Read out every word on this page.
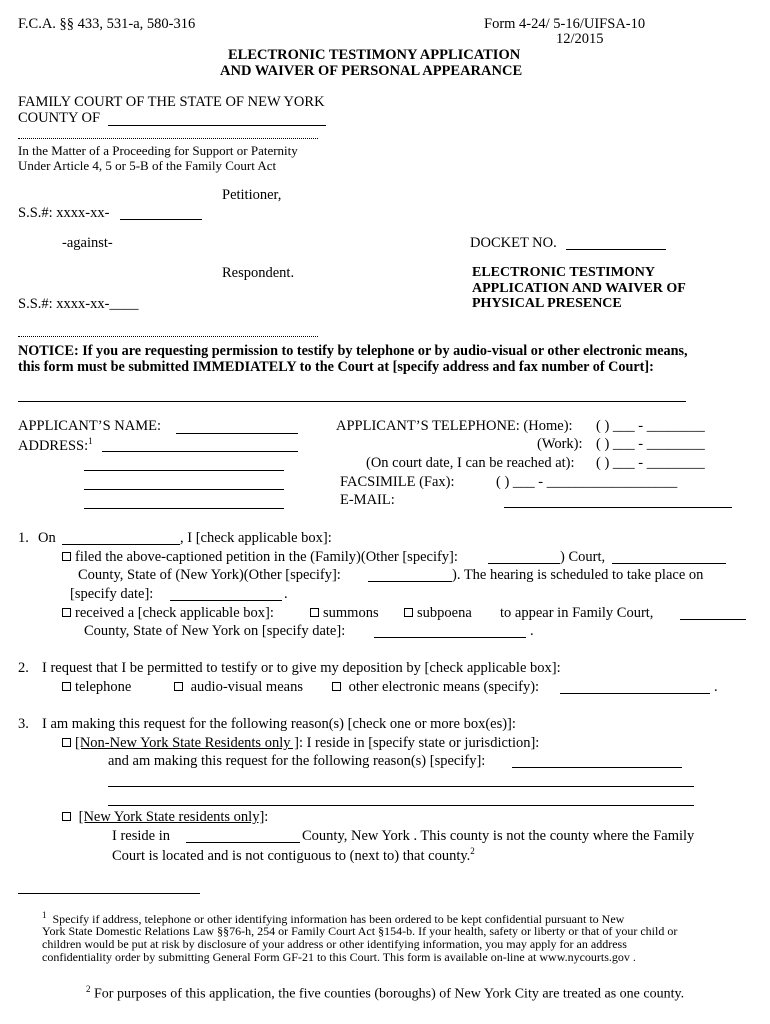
F.C.A. §§ 433, 531-a, 580-316	Form 4-24/ 5-16/UIFSA-10
12/2015
ELECTRONIC TESTIMONY APPLICATION
AND WAIVER OF PERSONAL APPEARANCE
FAMILY COURT OF THE STATE OF NEW YORK
COUNTY OF
In the Matter of a Proceeding for Support or Paternity
Under Article 4, 5 or 5-B of the Family Court Act
Petitioner,
S.S.#: xxxx-xx-
-against-	DOCKET NO.
Respondent.	ELECTRONIC TESTIMONY
APPLICATION AND WAIVER OF
PHYSICAL PRESENCE
S.S.#: xxxx-xx-____
NOTICE: If you are requesting permission to testify by telephone or by audio-visual or other electronic means,
this form must be submitted IMMEDIATELY to the Court at [specify address and fax number of Court]:
APPLICANT’S NAME:
ADDRESS:$^1$
APPLICANT’S TELEPHONE: (Home): ( ) ___ - ________
(Work): ( ) ___ - ________
(On court date, I can be reached at): ( ) ___ - ________
FACSIMILE (Fax):	( ) ___ - __________________
E-MAIL:
1. On	, I [check applicable box]:
filed the above-captioned petition in the (Family)(Other [specify]:	) Court,
County, State of (New York)(Other [specify]:	). The hearing is scheduled to take place on
[specify date]:	.
received a [check applicable box]:	summons	subpoena to appear in Family Court,
County, State of New York on [specify date]:	.
2. I request that I be permitted to testify or to give my deposition by [check applicable box]:
telephone	audio-visual means	other electronic means (specify):	.
3. I am making this request for the following reason(s) [check one or more box(es)]:
[Non-New York State Residents only ]: I reside in [specify state or jurisdiction]:
and am making this request for the following reason(s) [specify]:
[New York State residents only]:
I reside in	County, New York . This county is not the county where the Family
Court is located and is not contiguous to (next to) that county.$^2$
$^1$ Specify if address, telephone or other identifying information has been ordered to be kept confidential pursuant to New
York State Domestic Relations Law §§76-h, 254 or Family Court Act §154-b. If your health, safety or liberty or that of your child or
children would be put at risk by disclosure of your address or other identifying information, you may apply for an address
confidentiality order by submitting General Form GF-21 to this Court. This form is available on-line at www.nycourts.gov .
$^2$ For purposes of this application, the five counties (boroughs) of New York City are treated as one county.
